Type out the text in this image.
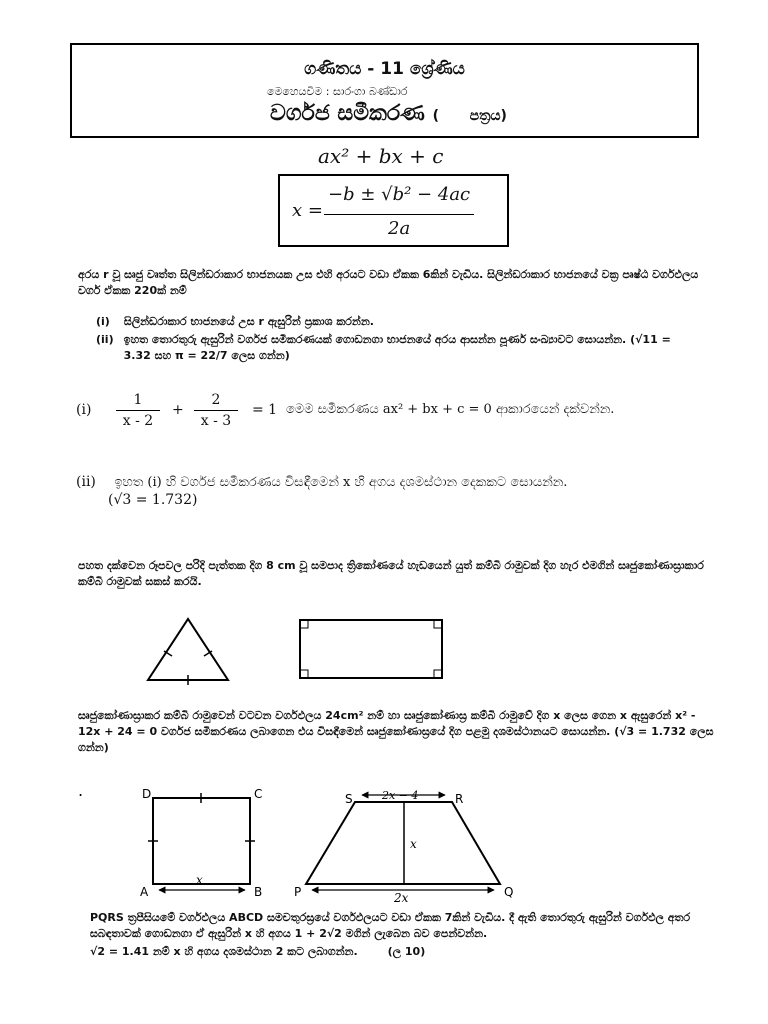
ගණිතය - 11 ශ්‍රේණිය
මෙහෙයවීම : සාරංගා බණ්ඩාර
වර්ගජ සමීකරණ ( පත්‍රය)
ax² + bx + c
x =
−b ± √b² − 4ac
2a
අරය r වූ සෘජු වෘත්ත සිලින්ඩරාකාර භාජනයක උස එහි අරයට වඩා ඒකක 6කින් වැඩිය. සිලින්ඩරාකාර භාජනයේ වක්‍ර පෘෂ්ඨ වර්ගඵලය වර්ග ඒකක 220ක් නම්
(i) සිලින්ඩරාකාර භාජනයේ උස r ඇසුරින් ප්‍රකාශ කරන්න.
(ii) ඉහත තොරතුරු ඇසුරින් වර්ගජ සමීකරණයක් ගොඩනගා භාජනයේ අරය ආසන්න පූර්ණ සංඛ්‍යාවට සොයන්න. (√11 = 3.32 සහ π = 22/7 ලෙස ගන්න)
(i)
1
x - 2
+
2
x - 3
= 1 මෙම සමීකරණය ax² + bx + c = 0 ආකාරයෙන් දක්වන්න.
(ii) ඉහත (i) හි වර්ගජ සමීකරණය විසඳීමෙන් x හි අගය දශමස්ථාන දෙකකට සොයන්න.
(√3 = 1.732)
පහත දක්වෙන රූපවල පරිදි පැත්තක දිග 8 cm වූ සමපාද ත්‍රිකෝණයේ හැඩයෙන් යුත් කම්බි රාමුවක් දිග හැර එමගින් සෘජුකෝණාස්‍රාකාර කම්බි රාමුවක් සකස් කරයි.
සෘජුකෝණාස්‍රාකර කම්බි රාමුවෙන් වටවන වර්ගඵලය 24cm² නම් හා සෘජුකෝණාස්‍ර කම්බි රාමුවේ දිග x ලෙස ගෙන x ඇසුරෙන් x² - 12x + 24 = 0 වර්ගජ සමීකරණය ලබාගෙන එය විසඳීමෙන් සෘජුකෝණාස්‍රයේ දිග පළමු දශමස්ථානයට සොයන්න. (√3 = 1.732 ලෙස ගන්න)
PQRS ත්‍රපීසියමේ වර්ගඵලය ABCD සමචතුරස්‍රයේ වර්ගඵලයට වඩා ඒකක 7කින් වැඩිය. දී ඇති තොරතුරු ඇසුරින් වර්ගඵල අතර සබඳතාවක් ගොඩනගා ඒ ඇසුරින් x හි අගය 1 + 2√2 මගින් ලැබෙන බව පෙන්වන්න.
√2 = 1.41 නම් x හි අගය දශමස්ථාන 2 කට ලබාගන්න.	(ල 10)
.	D	C
A	B
x
S	R
P	Q
2x − 4
x
2x
